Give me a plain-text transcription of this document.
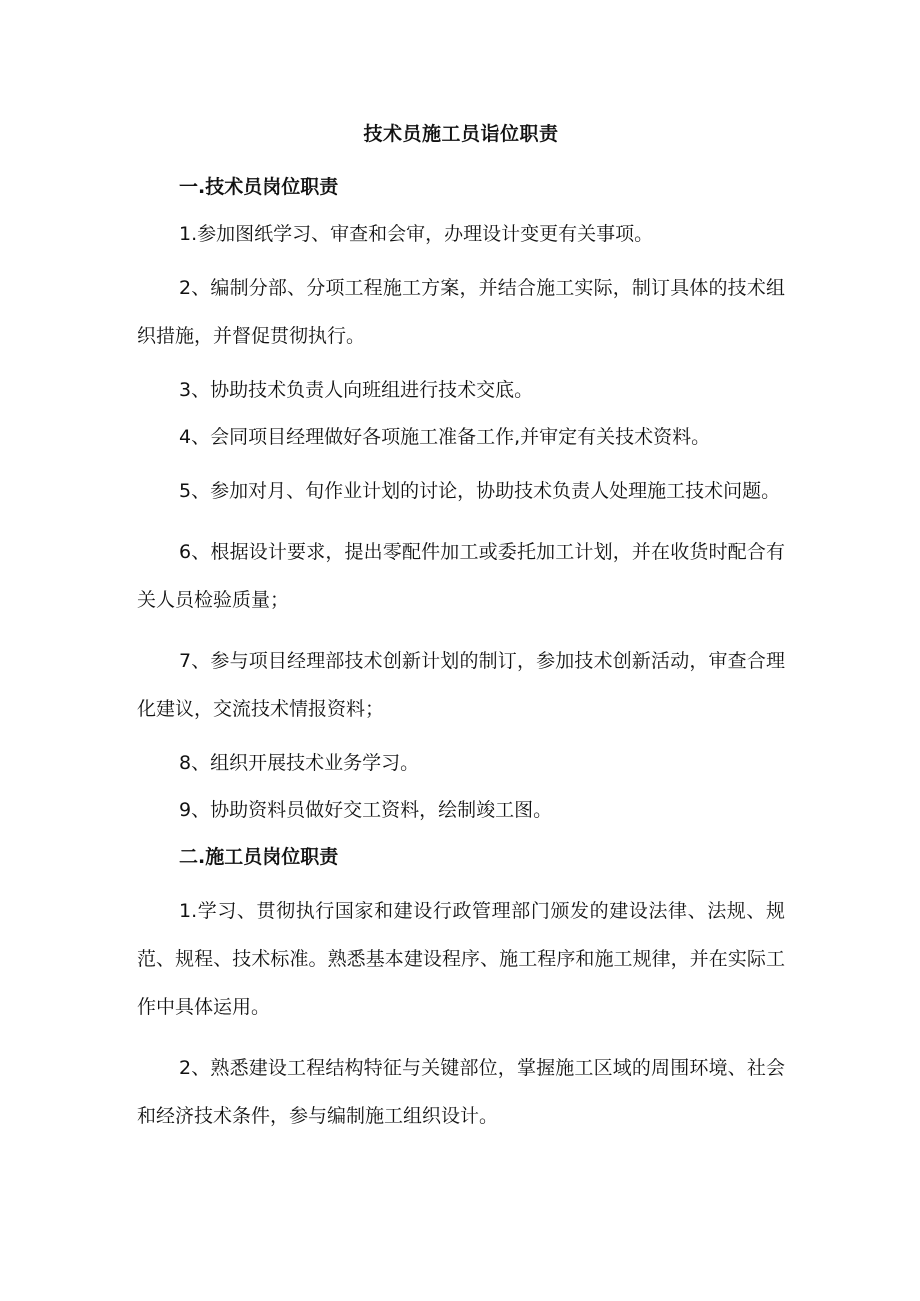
技术员施工员诣位职责
一.技术员岗位职责
1.参加图纸学习、审查和会审，办理设计变更有关事项。
2、编制分部、分项工程施工方案，并结合施工实际，制订具体的技术组织措施，并督促贯彻执行。
3、协助技术负责人向班组进行技术交底。
4、会同项目经理做好各项施工准备工作,并审定有关技术资料。
5、参加对月、旬作业计划的讨论，协助技术负责人处理施工技术问题。
6、根据设计要求，提出零配件加工或委托加工计划，并在收货时配合有关人员检验质量；
7、参与项目经理部技术创新计划的制订，参加技术创新活动，审查合理化建议，交流技术情报资料；
8、组织开展技术业务学习。
9、协助资料员做好交工资料，绘制竣工图。
二.施工员岗位职责
1.学习、贯彻执行国家和建设行政管理部门颁发的建设法律、法规、规范、规程、技术标准。熟悉基本建设程序、施工程序和施工规律，并在实际工作中具体运用。
2、熟悉建设工程结构特征与关键部位，掌握施工区域的周围环境、社会和经济技术条件，参与编制施工组织设计。
